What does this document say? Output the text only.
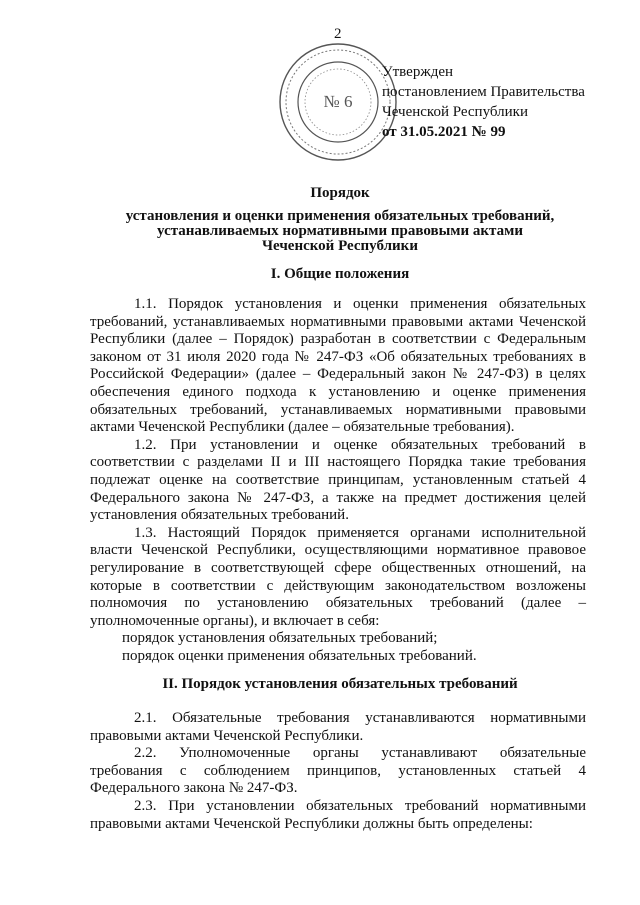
2
№ 6
Утвержден
постановлением Правительства
Чеченской Республики
от 31.05.2021 № 99
Порядок
установления и оценки применения обязательных требований,
устанавливаемых нормативными правовыми актами
Чеченской Республики
I. Общие положения

1.1. Порядок установления и оценки применения обязательных требований, устанавливаемых нормативными правовыми актами Чеченской Республики (далее – Порядок) разработан в соответствии с Федеральным законом от 31 июля 2020 года № 247-ФЗ «Об обязательных требованиях в Российской Федерации» (далее – Федеральный закон № 247-ФЗ) в целях обеспечения единого подхода к установлению и оценке применения обязательных требований, устанавливаемых нормативными правовыми актами Чеченской Республики (далее – обязательные требования).

1.2. При установлении и оценке обязательных требований в соответствии с разделами II и III настоящего Порядка такие требования подлежат оценке на соответствие принципам, установленным статьей 4 Федерального закона № 247-ФЗ, а также на предмет достижения целей установления обязательных требований.

1.3. Настоящий Порядок применяется органами исполнительной власти Чеченской Республики, осуществляющими нормативное правовое регулирование в соответствующей сфере общественных отношений, на которые в соответствии с действующим законодательством возложены полномочия по установлению обязательных требований (далее – уполномоченные органы), и включает в себя:

порядок установления обязательных требований;

порядок оценки применения обязательных требований.

II. Порядок установления обязательных требований

2.1. Обязательные требования устанавливаются нормативными правовыми актами Чеченской Республики.

2.2. Уполномоченные органы устанавливают обязательные требования с соблюдением принципов, установленных статьей 4 Федерального закона № 247-ФЗ.

2.3. При установлении обязательных требований нормативными правовыми актами Чеченской Республики должны быть определены:
